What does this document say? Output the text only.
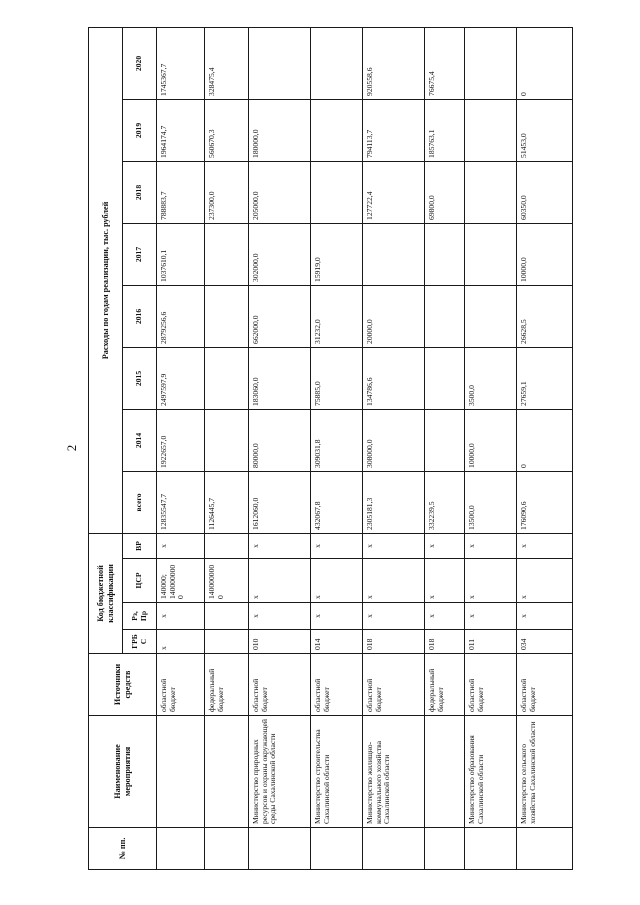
2
№ пп.	Наименование мероприятия	Источники средств	Код бюджетной классификации				Расходы по годам реализации, тыс. рублей							
			ГРБ С	Рз, Пр	ЦСР	ВР	всего	2014	2015	2016	2017	2018	2019	2020
		областной бюджет	х	х	140000; 1400000000	х	12835547,7	1922657,0	2497597,9	2879256,6	1037610,1	788883,7	1964174,7	1745367,7
		федеральный бюджет			1400000000		1126445,7					237300,0	560670,3	328475,4
	Министерство природных ресурсов и охраны окружающей среды Сахалинской области	областной бюджет	010	х	х	х	1612060,0	80000,0	183060,0	662000,0	302000,0	205000,0	180000,0	
	Министерство строительства Сахалинской области	областной бюджет	014	х	х	х	432067,8	309031,8	75885,0	31232,0	15919,0			
	Министерство жилищно-коммунального хозяйства Сахалинской области	областной бюджет	018	х	х	х	2305181,3	308000,0	134786,6	20000,0		127722,4	794113,7	920558,6
		федеральный бюджет	018	х	х	х	332239,5					69800,0	185763,1	76675,4
	Министерство образования Сахалинской области	областной бюджет	011	х	х	х	13500,0	10000,0	3500,0					
	Министерство сельского хозяйства Сахалинской области	областной бюджет	034	х	х	х	176090,6	0	27659,1	26628,5	10000,0	60350,0	51453,0	0
